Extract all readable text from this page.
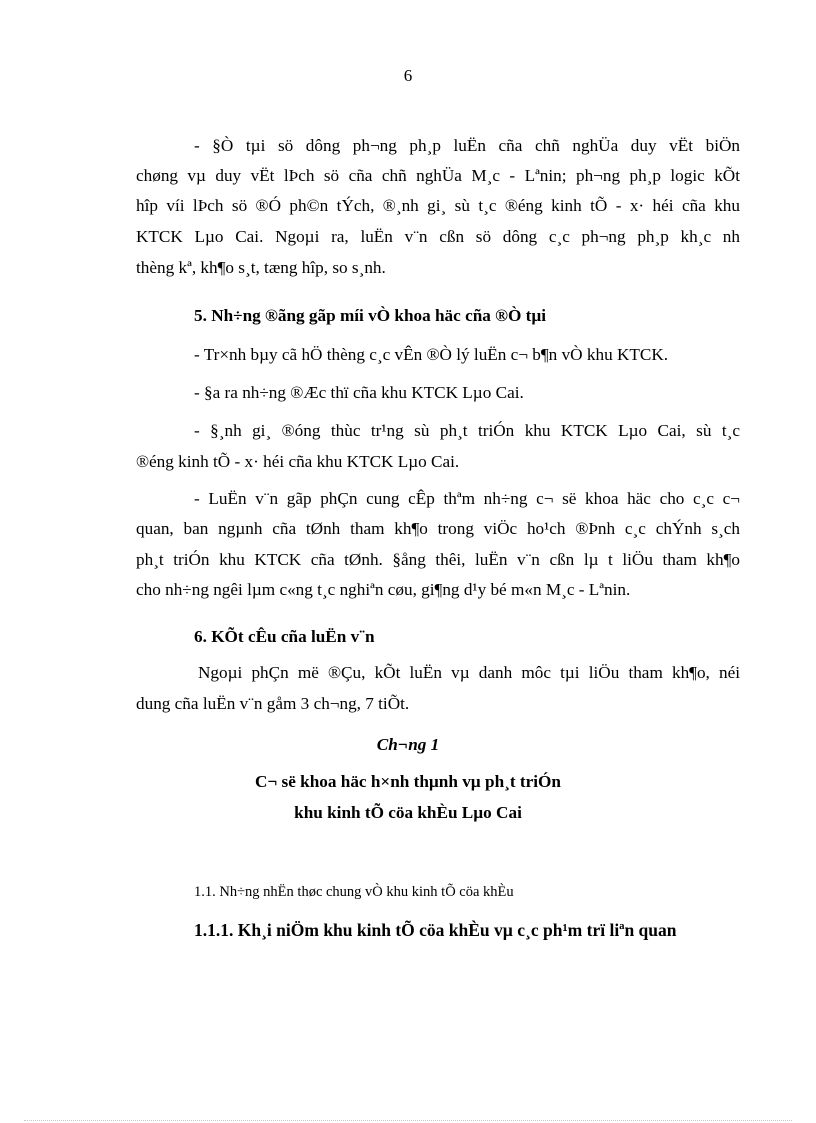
6
- §Ò tµi sö dông ph¬ng ph¸p luËn cña chñ nghÜa duy vËt biÖn
chøng vµ duy vËt lÞch sö cña chñ nghÜa M¸c - Lªnin; ph¬ng ph¸p logic kÕt
hîp víi lÞch sö ®Ó ph©n tÝch, ®¸nh gi¸ sù t¸c ®éng kinh tÕ - x· héi cña khu
KTCK Lµo Cai. Ngoµi ra, luËn v¨n cßn sö dông c¸c ph¬ng ph¸p kh¸c nh
thèng kª, kh¶o s¸t, tæng hîp, so s¸nh.
5. Nh÷ng ®ãng gãp míi vÒ khoa häc cña ®Ò tµi
- Tr×nh bµy cã hÖ thèng c¸c vÊn ®Ò lý luËn c¬ b¶n vÒ khu KTCK.
- §a ra nh÷ng ®Æc thï cña khu KTCK Lµo Cai.
- §¸nh gi¸ ®óng thùc tr¹ng sù ph¸t triÓn khu KTCK Lµo Cai, sù t¸c
®éng kinh tÕ - x· héi cña khu KTCK Lµo Cai.
- LuËn v¨n gãp phÇn cung cÊp thªm nh÷ng c¬ së khoa häc cho c¸c c¬
quan, ban ngµnh cña tØnh tham kh¶o trong viÖc ho¹ch ®Þnh c¸c chÝnh s¸ch
ph¸t triÓn khu KTCK cña tØnh. §ång thêi, luËn v¨n cßn lµ t liÖu tham kh¶o
cho nh÷ng ngêi lµm c«ng t¸c nghiªn cøu, gi¶ng d¹y bé m«n M¸c - Lªnin.
6. KÕt cÊu cña luËn v¨n
Ngoµi phÇn më ®Çu, kÕt luËn vµ danh môc tµi liÖu tham kh¶o, néi
dung cña luËn v¨n gåm 3 ch¬ng, 7 tiÕt.
Ch¬ng 1
C¬ së khoa häc h×nh thµnh vµ ph¸t triÓn
khu kinh tÕ cöa khÈu Lµo Cai
1.1. Nh÷ng nhËn thøc chung vÒ khu kinh tÕ cöa khÈu
1.1.1. Kh¸i niÖm khu kinh tÕ cöa khÈu vµ c¸c ph¹m trï liªn quan
